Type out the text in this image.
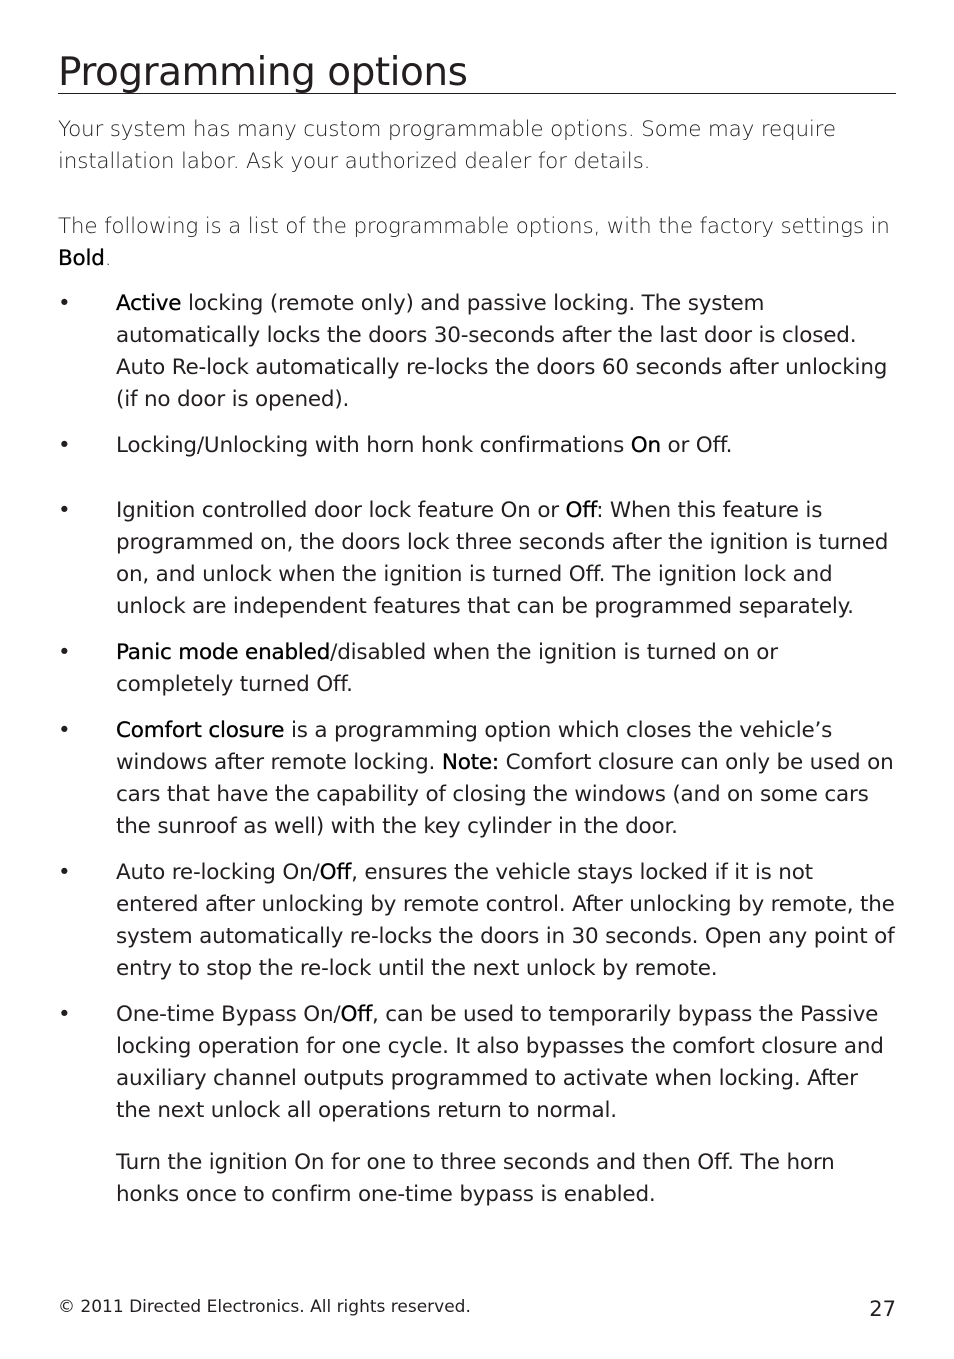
Programming options

Your system has many custom programmable options. Some may require installation labor. Ask your authorized dealer for details.

The following is a list of the programmable options, with the factory settings in Bold.

•	Active locking (remote only) and passive locking. The system automatically locks the doors 30-seconds after the last door is closed. Auto Re-lock automatically re-locks the doors 60 seconds after unlocking (if no door is opened).
•	Locking/Unlocking with horn honk confirmations On or Off.
•	Ignition controlled door lock feature On or Off: When this feature is programmed on, the doors lock three seconds after the ignition is turned on, and unlock when the ignition is turned Off. The ignition lock and unlock are independent features that can be programmed separately.
•	Panic mode enabled/disabled when the ignition is turned on or completely turned Off.
•	Comfort closure is a programming option which closes the vehicle’s windows after remote locking. Note: Comfort closure can only be used on cars that have the capability of closing the windows (and on some cars the sunroof as well) with the key cylinder in the door.
•	Auto re-locking On/Off, ensures the vehicle stays locked if it is not entered after unlocking by remote control. After unlocking by remote, the system automatically re-locks the doors in 30 seconds. Open any point of entry to stop the re-lock until the next unlock by remote.
•	One-time Bypass On/Off, can be used to temporarily bypass the Passive locking operation for one cycle. It also bypasses the comfort closure and auxiliary channel outputs programmed to activate when locking. After the next unlock all operations return to normal.

Turn the ignition On for one to three seconds and then Off. The horn honks once to confirm one-time bypass is enabled.

© 2011 Directed Electronics. All rights reserved.	27
